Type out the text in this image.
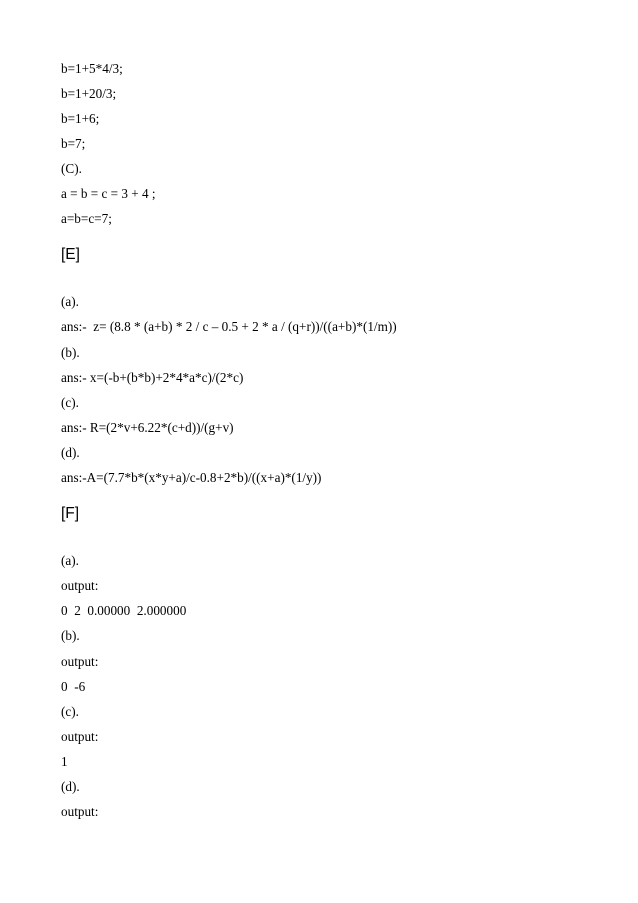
b=1+5*4/3;
b=1+20/3;
b=1+6;
b=7;
(C).
a = b = c = 3 + 4 ;
a=b=c=7;
[E]
(a).
ans:-  z= (8.8 * (a+b) * 2 / c – 0.5 + 2 * a / (q+r))/((a+b)*(1/m))
(b).
ans:- x=(-b+(b*b)+2*4*a*c)/(2*c)
(c).
ans:- R=(2*v+6.22*(c+d))/(g+v)
(d).
ans:-A=(7.7*b*(x*y+a)/c-0.8+2*b)/((x+a)*(1/y))
[F]
(a).
output:
0  2  0.00000  2.000000
(b).
output:
0  -6
(c).
output:
1
(d).
output:
